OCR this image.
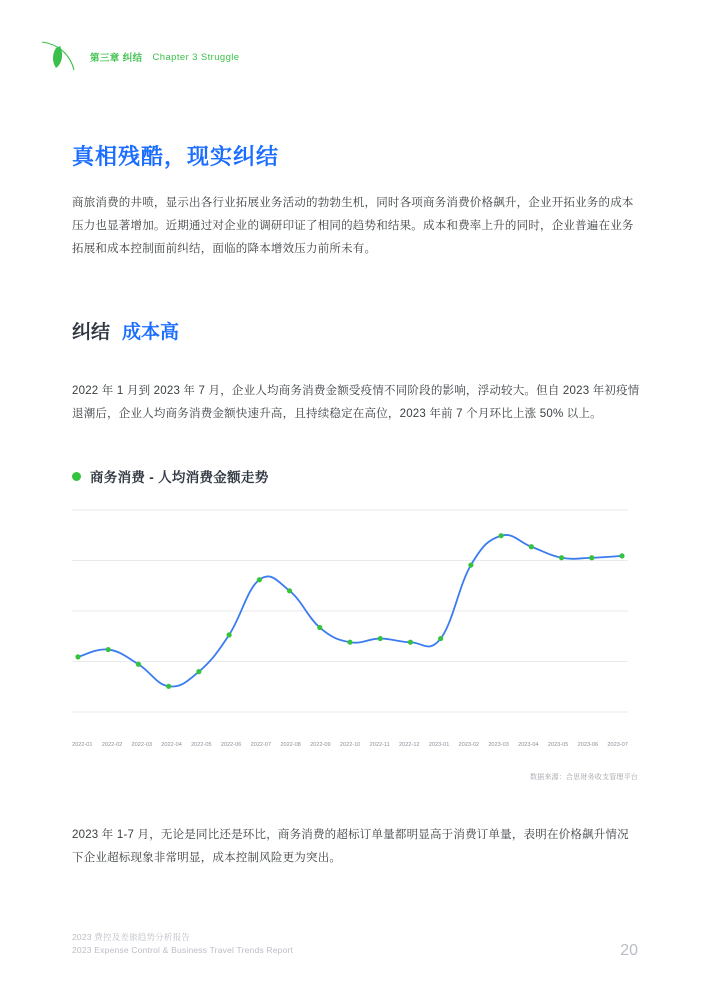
第三章 纠结 Chapter 3 Struggle
真相残酷，现实纠结

商旅消费的井喷，显示出各行业拓展业务活动的勃勃生机，同时各项商务消费价格飙升，企业开拓业务的成本压力也显著增加。近期通过对企业的调研印证了相同的趋势和结果。成本和费率上升的同时，企业普遍在业务拓展和成本控制面前纠结，面临的降本增效压力前所未有。

纠结 成本高

2022 年 1 月到 2023 年 7 月，企业人均商务消费金额受疫情不同阶段的影响，浮动较大。但自 2023 年初疫情退潮后，企业人均商务消费金额快速升高，且持续稳定在高位，2023 年前 7 个月环比上涨 50% 以上。

商务消费 - 人均消费金额走势
2022-01 2022-02 2022-03 2022-04 2022-05 2022-06 2022-07 2022-08 2022-09 2022-10 2022-11 2022-12 2023-01 2023-02 2023-03 2023-04 2023-05 2023-06 2023-07
数据来源：合思财务收支管理平台

2023 年 1-7 月，无论是同比还是环比，商务消费的超标订单量都明显高于消费订单量，表明在价格飙升情况下企业超标现象非常明显，成本控制风险更为突出。

2023 费控及差旅趋势分析报告
2023 Expense Control & Business Travel Trends Report	20
